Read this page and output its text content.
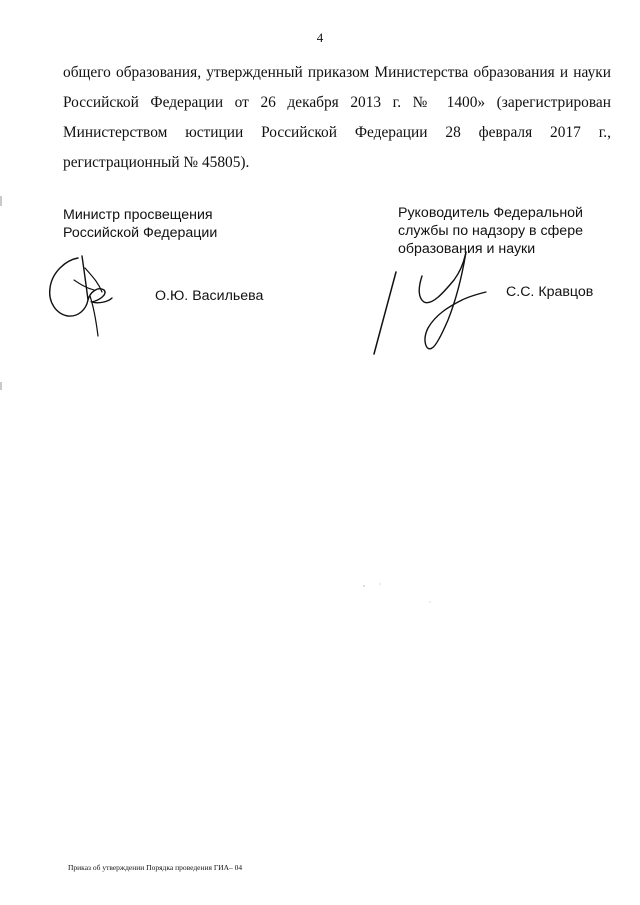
4
общего образования, утвержденный приказом Министерства образования и науки
Российской Федерации от 26 декабря 2013 г. № 1400» (зарегистрирован
Министерством юстиции Российской Федерации 28 февраля 2017 г.,
регистрационный № 45805).
Министр просвещения
Российской Федерации
О.Ю. Васильева
Руководитель Федеральной
службы по надзору в сфере
образования и науки
С.С. Кравцов
Приказ об утверждении Порядка проведения ГИА– 04
